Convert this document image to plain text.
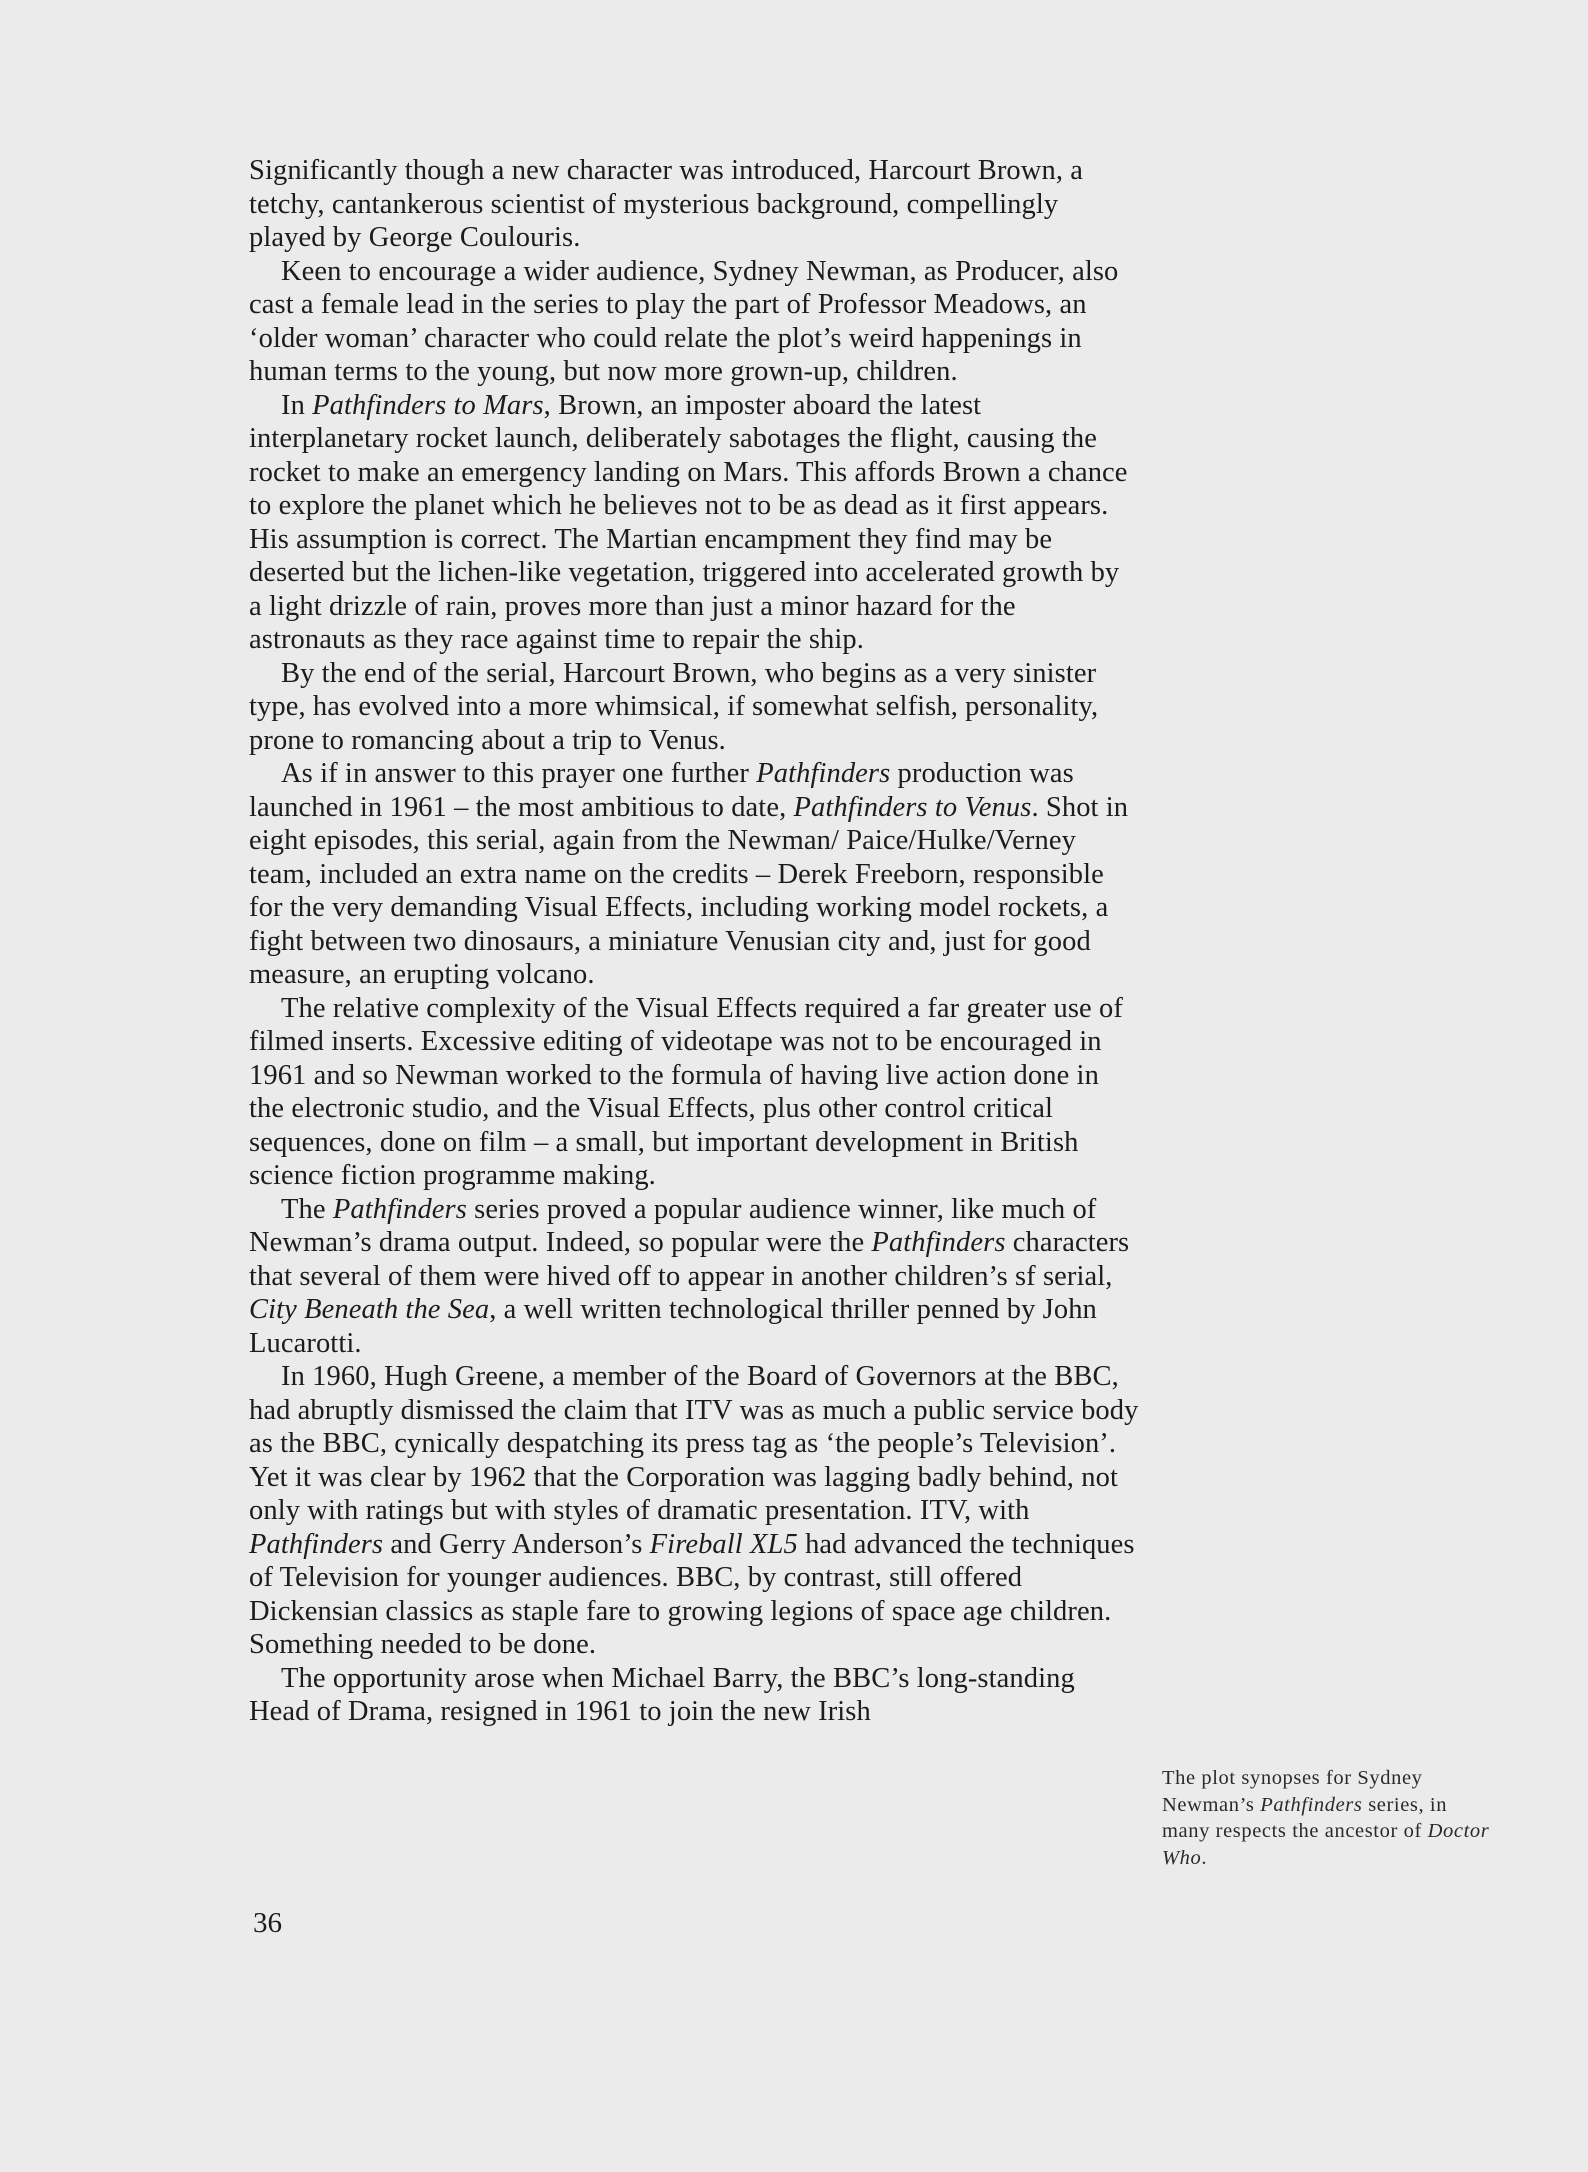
Significantly though a new character was introduced, Harcourt Brown, a tetchy, cantankerous scientist of mysterious background, compellingly played by George Coulouris.

Keen to encourage a wider audience, Sydney Newman, as Producer, also cast a female lead in the series to play the part of Professor Meadows, an ‘older woman’ character who could relate the plot’s weird happenings in human terms to the young, but now more grown-up, children.

In Pathfinders to Mars, Brown, an imposter aboard the latest interplanetary rocket launch, deliberately sabotages the flight, causing the rocket to make an emergency landing on Mars. This affords Brown a chance to explore the planet which he believes not to be as dead as it first appears. His assumption is correct. The Martian encampment they find may be deserted but the lichen-like vegetation, triggered into accelerated growth by a light drizzle of rain, proves more than just a minor hazard for the astronauts as they race against time to repair the ship.

By the end of the serial, Harcourt Brown, who begins as a very sinister type, has evolved into a more whimsical, if somewhat selfish, personality, prone to romancing about a trip to Venus.

As if in answer to this prayer one further Pathfinders production was launched in 1961 – the most ambitious to date, Pathfinders to Venus. Shot in eight episodes, this serial, again from the Newman/ Paice/Hulke/Verney team, included an extra name on the credits – Derek Freeborn, responsible for the very demanding Visual Effects, including working model rockets, a fight between two dinosaurs, a miniature Venusian city and, just for good measure, an erupting volcano.

The relative complexity of the Visual Effects required a far greater use of filmed inserts. Excessive editing of videotape was not to be encouraged in 1961 and so Newman worked to the formula of having live action done in the electronic studio, and the Visual Effects, plus other control critical sequences, done on film – a small, but important development in British science fiction programme making.

The Pathfinders series proved a popular audience winner, like much of Newman’s drama output. Indeed, so popular were the Pathfinders characters that several of them were hived off to appear in another children’s sf serial, City Beneath the Sea, a well written technological thriller penned by John Lucarotti.

In 1960, Hugh Greene, a member of the Board of Governors at the BBC, had abruptly dismissed the claim that ITV was as much a public service body as the BBC, cynically despatching its press tag as ‘the people’s Television’. Yet it was clear by 1962 that the Corporation was lagging badly behind, not only with ratings but with styles of dramatic presentation. ITV, with Pathfinders and Gerry Anderson’s Fireball XL5 had advanced the techniques of Television for younger audiences. BBC, by contrast, still offered Dickensian classics as staple fare to growing legions of space age children. Something needed to be done.

The opportunity arose when Michael Barry, the BBC’s long-standing Head of Drama, resigned in 1961 to join the new Irish

The plot synopses for Sydney Newman’s Pathfinders series, in many respects the ancestor of Doctor Who.
36
